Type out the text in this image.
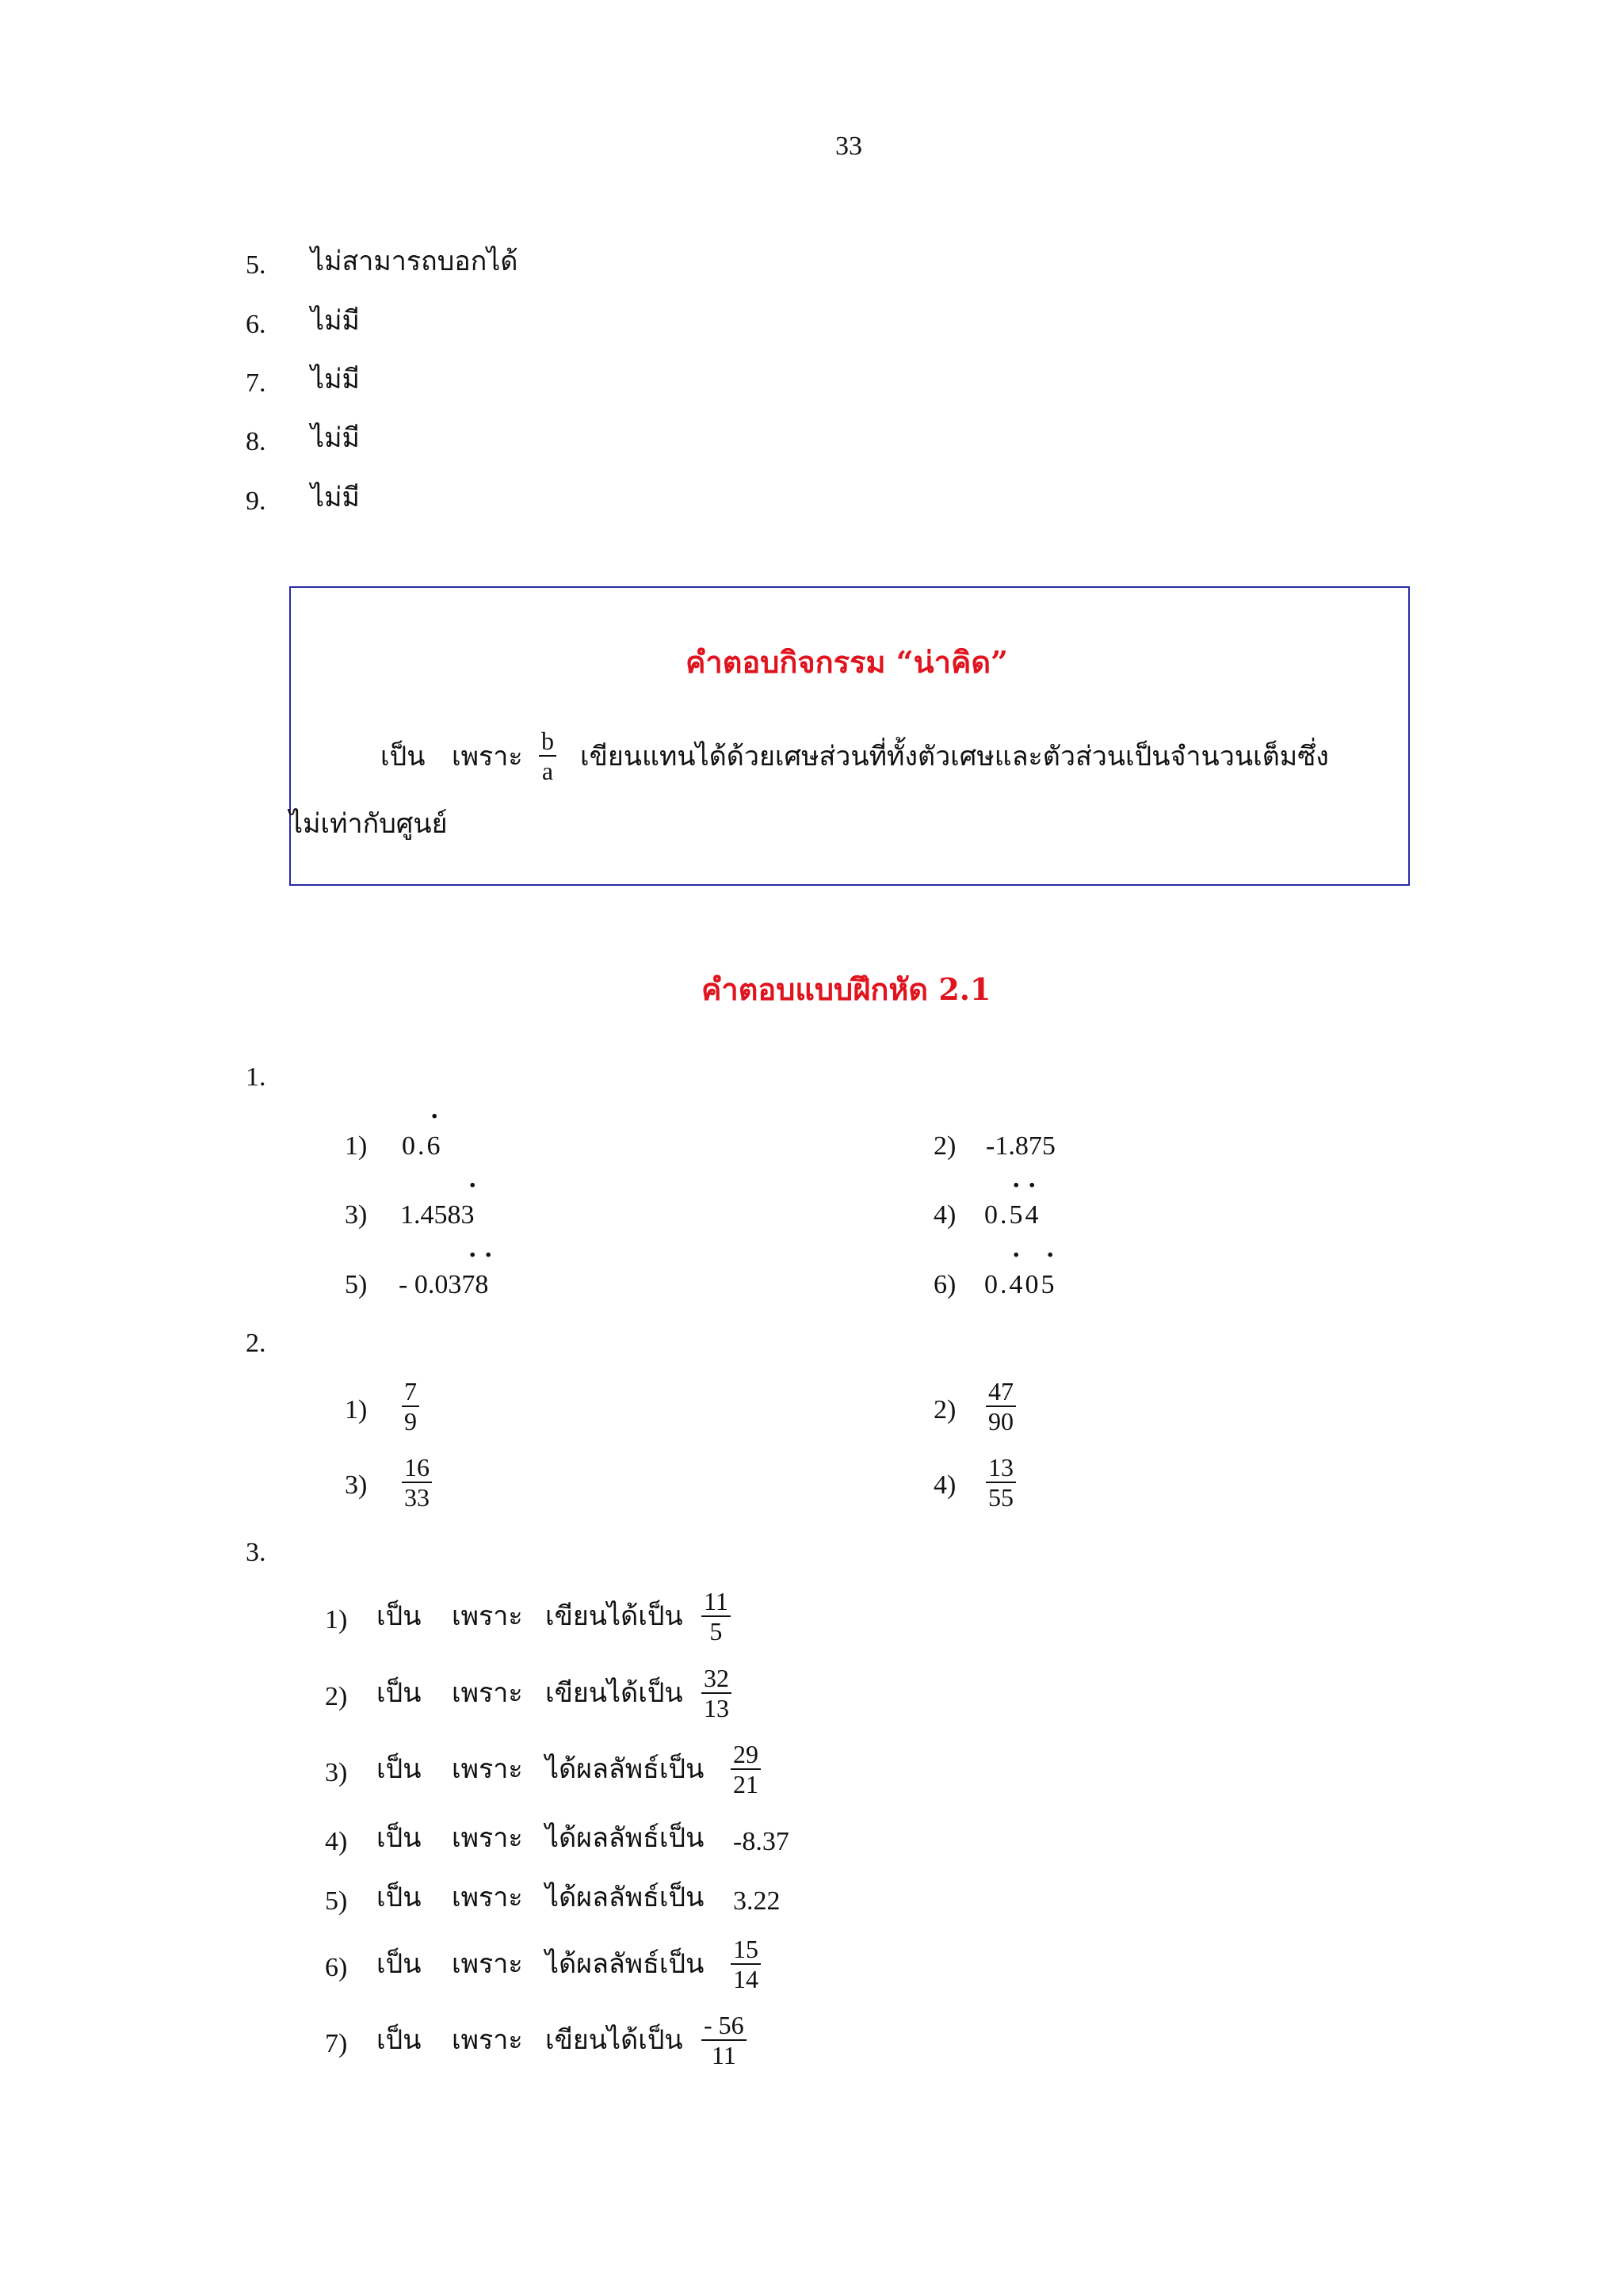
33
5. ไม่สามารถบอกได้
6. ไม่มี
7. ไม่มี
8. ไม่มี
9. ไม่มี
คำตอบกิจกรรม “น่าคิด”
เป็น เพราะ $\frac{b}{a}$ เขียนแทนได้ด้วยเศษส่วนที่ทั้งตัวเศษและตัวส่วนเป็นจำนวนเต็มซึ่ง
ไม่เท่ากับศูนย์
คำตอบแบบฝึกหัด 2.1
1.
1) 0.6
.
2) -1.875
3) 1.4583
.
4) 0.54
. .
5) - 0.0378
. .
6) 0.405
. .
2.
$1) \frac{7}{9}$	$2) \frac{47}{90}$
$3) \frac{16}{33}$	$4) \frac{13}{55}$
3.
1) เป็น เพราะ เขียนได้เป็น $\frac{11}{5}$
2) เป็น เพราะ เขียนได้เป็น $\frac{32}{13}$
3) เป็น เพราะ ได้ผลลัพธ์เป็น $\frac{29}{21}$
4) เป็น เพราะ ได้ผลลัพธ์เป็น -8.37
5) เป็น เพราะ ได้ผลลัพธ์เป็น 3.22
6) เป็น เพราะ ได้ผลลัพธ์เป็น $\frac{15}{14}$
7) เป็น เพราะ เขียนได้เป็น $\frac{- 56}{11}$
